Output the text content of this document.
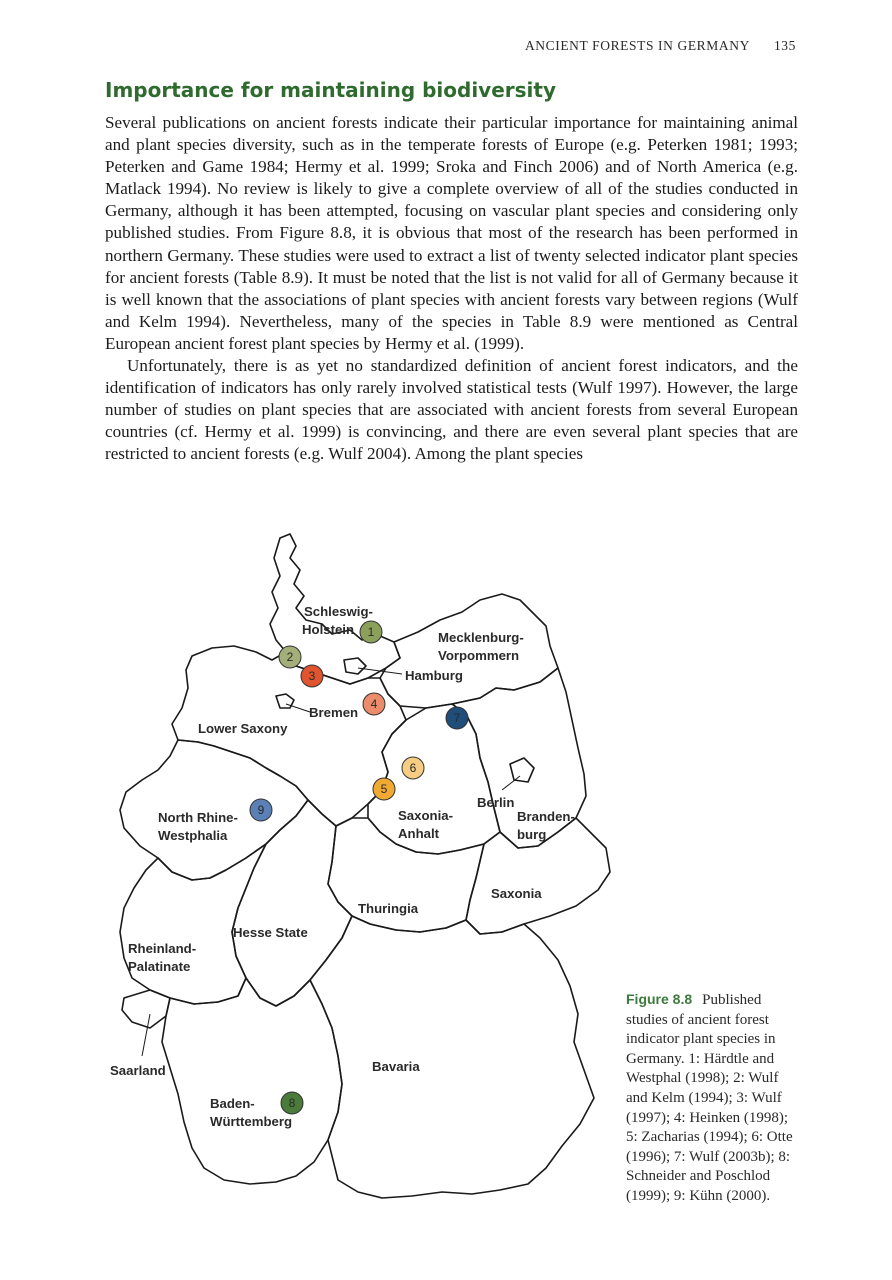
ANCIENT FORESTS IN GERMANY 135
Importance for maintaining biodiversity

Several publications on ancient forests indicate their particular importance for maintaining animal and plant species diversity, such as in the temperate forests of Europe (e.g. Peterken 1981; 1993; Peterken and Game 1984; Hermy et al. 1999; Sroka and Finch 2006) and of North America (e.g. Matlack 1994). No review is likely to give a complete overview of all of the studies conducted in Germany, although it has been attempted, focusing on vascular plant species and considering only published studies. From Figure 8.8, it is obvious that most of the research has been performed in northern Germany. These studies were used to extract a list of twenty selected indicator plant species for ancient forests (Table 8.9). It must be noted that the list is not valid for all of Germany because it is well known that the associations of plant species with ancient forests vary between regions (Wulf and Kelm 1994). Nevertheless, many of the species in Table 8.9 were mentioned as Central European ancient forest plant species by Hermy et al. (1999).

Unfortunately, there is as yet no standardized definition of ancient forest indicators, and the identification of indicators has only rarely involved statistical tests (Wulf 1997). However, the large number of studies on plant species that are associated with ancient forests from several European countries (cf. Hermy et al. 1999) is convincing, and there are even several plant species that are restricted to ancient forests (e.g. Wulf 2004). Among the plant species

Schleswig-
Holstein
Mecklenburg-
Vorpommern
Hamburg
Bremen
Lower Saxony
Berlin
Branden-
burg
North Rhine-
Westphalia
Saxonia-
Anhalt
Saxonia
Thuringia
Hesse State
Rheinland-
Palatinate
Saarland	Bavaria
Baden-
Württemberg
1
2
3
4
5
6
7
8
9
Figure 8.8 Published studies of ancient forest indicator plant species in Germany. 1: Härdtle and Westphal (1998); 2: Wulf and Kelm (1994); 3: Wulf (1997); 4: Heinken (1998); 5: Zacharias (1994); 6: Otte (1996); 7: Wulf (2003b); 8: Schneider and Poschlod (1999); 9: Kühn (2000).
